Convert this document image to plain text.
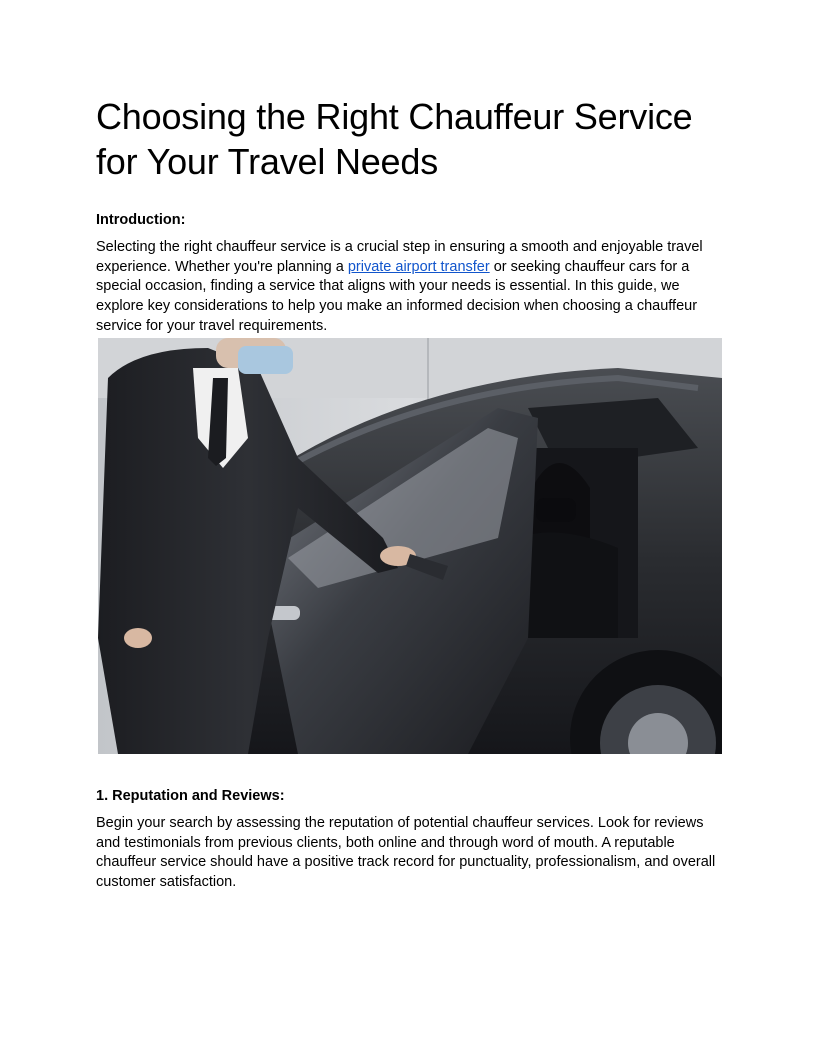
Choosing the Right Chauffeur Service for Your Travel Needs

Introduction:

Selecting the right chauffeur service is a crucial step in ensuring a smooth and enjoyable travel experience. Whether you're planning a private airport transfer or seeking chauffeur cars for a special occasion, finding a service that aligns with your needs is essential. In this guide, we explore key considerations to help you make an informed decision when choosing a chauffeur service for your travel requirements.

1. Reputation and Reviews:

Begin your search by assessing the reputation of potential chauffeur services. Look for reviews and testimonials from previous clients, both online and through word of mouth. A reputable chauffeur service should have a positive track record for punctuality, professionalism, and overall customer satisfaction.
